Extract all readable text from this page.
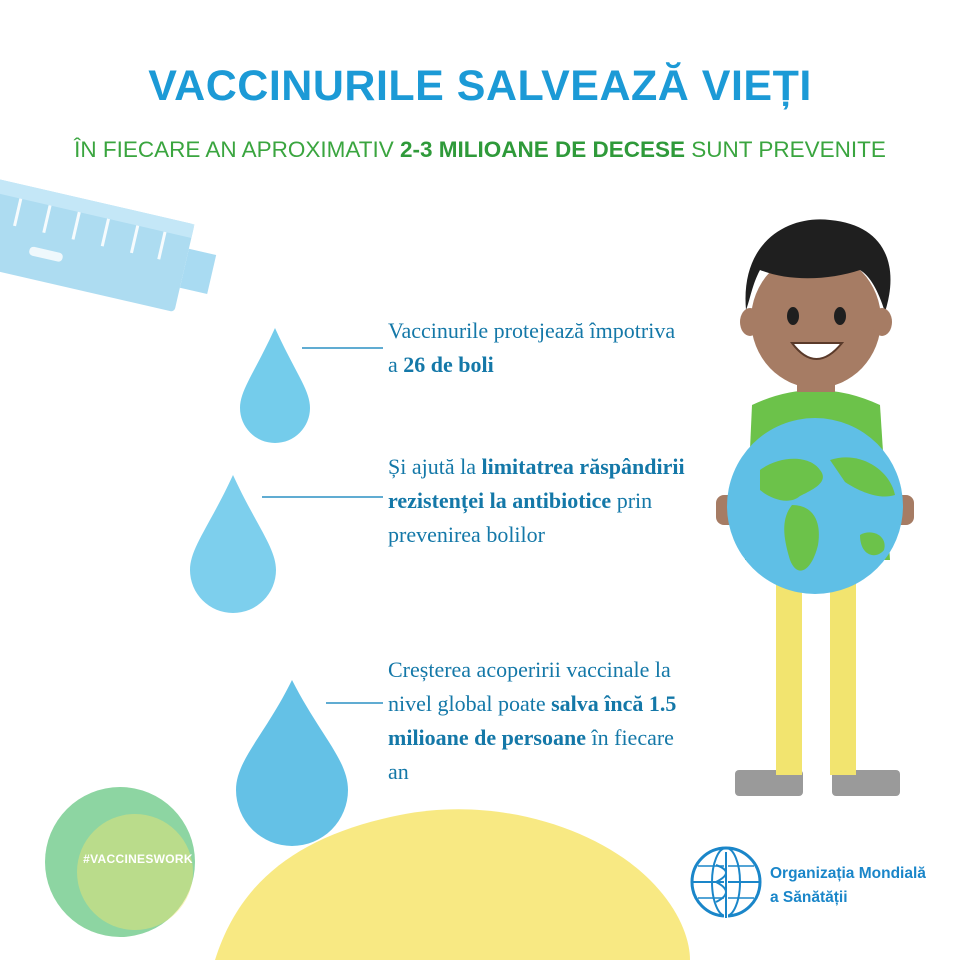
VACCINURILE SALVEAZĂ VIEȚI
ÎN FIECARE AN APROXIMATIV 2-3 MILIOANE DE DECESE SUNT PREVENITE
Vaccinurile protejează împotriva a 26 de boli
Și ajută la limitatrea răspândirii rezistenței la antibiotice prin prevenirea bolilor
Creșterea acoperirii vaccinale la nivel global poate salva încă 1.5 milioane de persoane în fiecare an
#VACCINESWORK
Organizația Mondială
a Sănătății
